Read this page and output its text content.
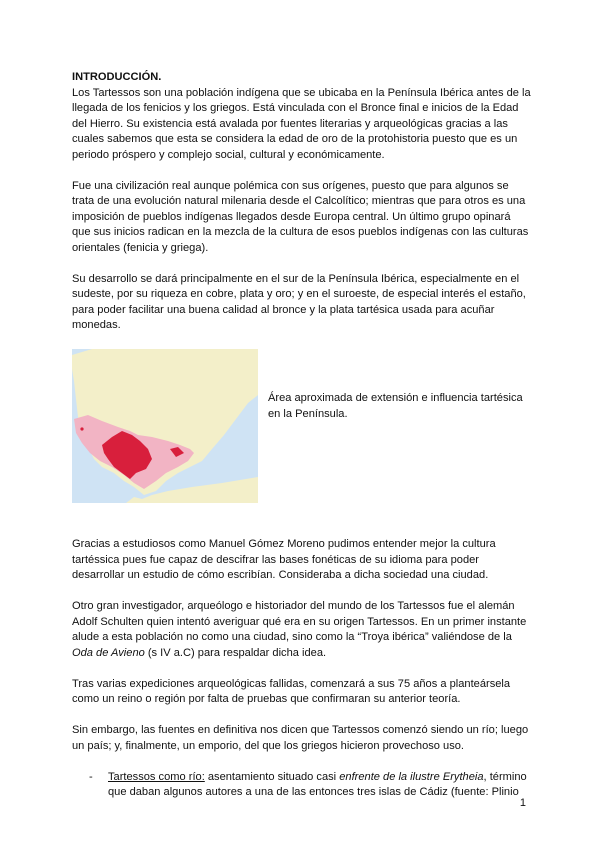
INTRODUCCIÓN.

Los Tartessos son una población indígena que se ubicaba en la Península Ibérica antes de la llegada de los fenicios y los griegos. Está vinculada con el Bronce final e inicios de la Edad del Hierro. Su existencia está avalada por fuentes literarias y arqueológicas gracias a las cuales sabemos que esta se considera la edad de oro de la protohistoria puesto que es un periodo próspero y complejo social, cultural y económicamente.

Fue una civilización real aunque polémica con sus orígenes, puesto que para algunos se trata de una evolución natural milenaria desde el Calcolítico; mientras que para otros es una imposición de pueblos indígenas llegados desde Europa central. Un último grupo opinará que sus inicios radican en la mezcla de la cultura de esos pueblos indígenas con las culturas orientales (fenicia y griega).

Su desarrollo se dará principalmente en el sur de la Península Ibérica, especialmente en el sudeste, por su riqueza en cobre, plata y oro; y en el suroeste, de especial interés el estaño, para poder facilitar una buena calidad al bronce y la plata tartésica usada para acuñar monedas.

Área aproximada de extensión e influencia tartésica en la Península.

Gracias a estudiosos como Manuel Gómez Moreno pudimos entender mejor la cultura tartéssica pues fue capaz de descifrar las bases fonéticas de su idioma para poder desarrollar un estudio de cómo escribían. Consideraba a dicha sociedad una ciudad.

Otro gran investigador, arqueólogo e historiador del mundo de los Tartessos fue el alemán Adolf Schulten quien intentó averiguar qué era en su origen Tartessos. En un primer instante alude a esta población no como una ciudad, sino como la “Troya ibérica” valiéndose de la Oda de Avieno (s IV a.C) para respaldar dicha idea.

Tras varias expediciones arqueológicas fallidas, comenzará a sus 75 años a planteársela como un reino o región por falta de pruebas que confirmaran su anterior teoría.

Sin embargo, las fuentes en definitiva nos dicen que Tartessos comenzó siendo un río; luego un país; y, finalmente, un emporio, del que los griegos hicieron provechoso uso.

- Tartessos como río: asentamiento situado casi enfrente de la ilustre Erytheia, término que daban algunos autores a una de las entonces tres islas de Cádiz (fuente: Plinio
1
